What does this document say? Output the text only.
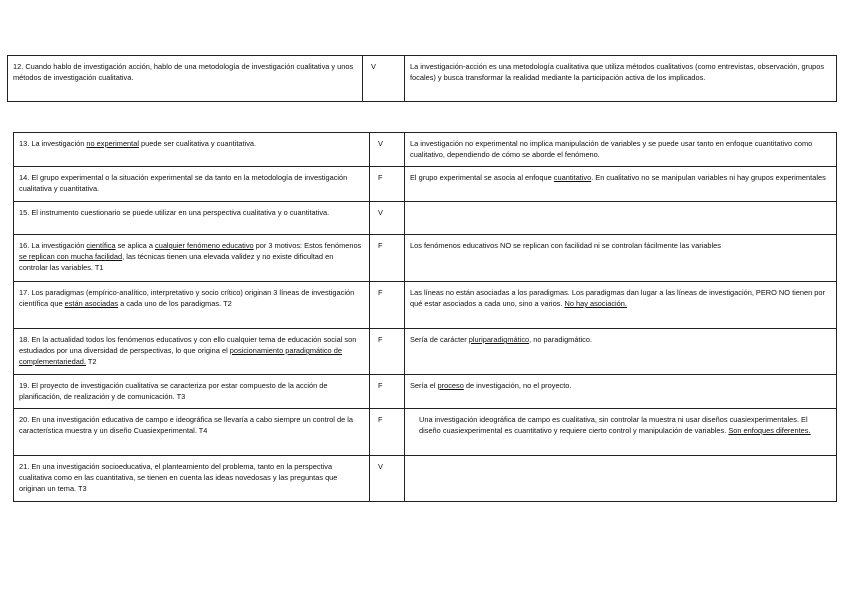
12. Cuando hablo de investigación acción, hablo de una metodología de investigación cualitativa y unos métodos de investigación cualitativa.	V	La investigación-acción es una metodología cualitativa que utiliza métodos cualitativos (como entrevistas, observación, grupos focales) y busca transformar la realidad mediante la participación activa de los implicados.
13. La investigación no experimental puede ser cualitativa y cuantitativa.	V	La investigación no experimental no implica manipulación de variables y se puede usar tanto en enfoque cuantitativo como cualitativo, dependiendo de cómo se aborde el fenómeno.
14. El grupo experimental o la situación experimental se da tanto en la metodología de investigación cualitativa y cuantitativa.	F	El grupo experimental se asocia al enfoque cuantitativo. En cualitativo no se manipulan variables ni hay grupos experimentales
15. El instrumento cuestionario se puede utilizar en una perspectiva cualitativa y o cuantitativa.	V	
16. La investigación científica se aplica a cualquier fenómeno educativo por 3 motivos: Estos fenómenos se replican con mucha facilidad, las técnicas tienen una elevada validez y no existe dificultad en controlar las variables. T1	F	Los fenómenos educativos NO se replican con facilidad ni se controlan fácilmente las variables
17. Los paradigmas (empírico-analítico, interpretativo y socio crítico) originan 3 líneas de investigación científica que están asociadas a cada uno de los paradigmas. T2	F	Las líneas no están asociadas a los paradigmas. Los paradigmas dan lugar a las líneas de investigación, PERO NO tienen por qué estar asociados a cada uno, sino a varios. No hay asociación.
18. En la actualidad todos los fenómenos educativos y con ello cualquier tema de educación social son estudiados por una diversidad de perspectivas, lo que origina el posicionamiento paradigmático de complementariedad. T2	F	Sería de carácter pluriparadigmático, no paradigmático.
19. El proyecto de investigación cualitativa se caracteriza por estar compuesto de la acción de planificación, de realización y de comunicación. T3	F	Sería el proceso de investigación, no el proyecto.
20. En una investigación educativa de campo e ideográfica se llevaría a cabo siempre un control de la característica muestra y un diseño Cuasiexperimental. T4	F	Una investigación ideográfica de campo es cualitativa, sin controlar la muestra ni usar diseños cuasiexperimentales. El diseño cuasiexperimental es cuantitativo y requiere cierto control y manipulación de variables. Son enfoques diferentes.
21. En una investigación socioeducativa, el planteamiento del problema, tanto en la perspectiva cualitativa como en las cuantitativa, se tienen en cuenta las ideas novedosas y las preguntas que originan un tema. T3	V	
